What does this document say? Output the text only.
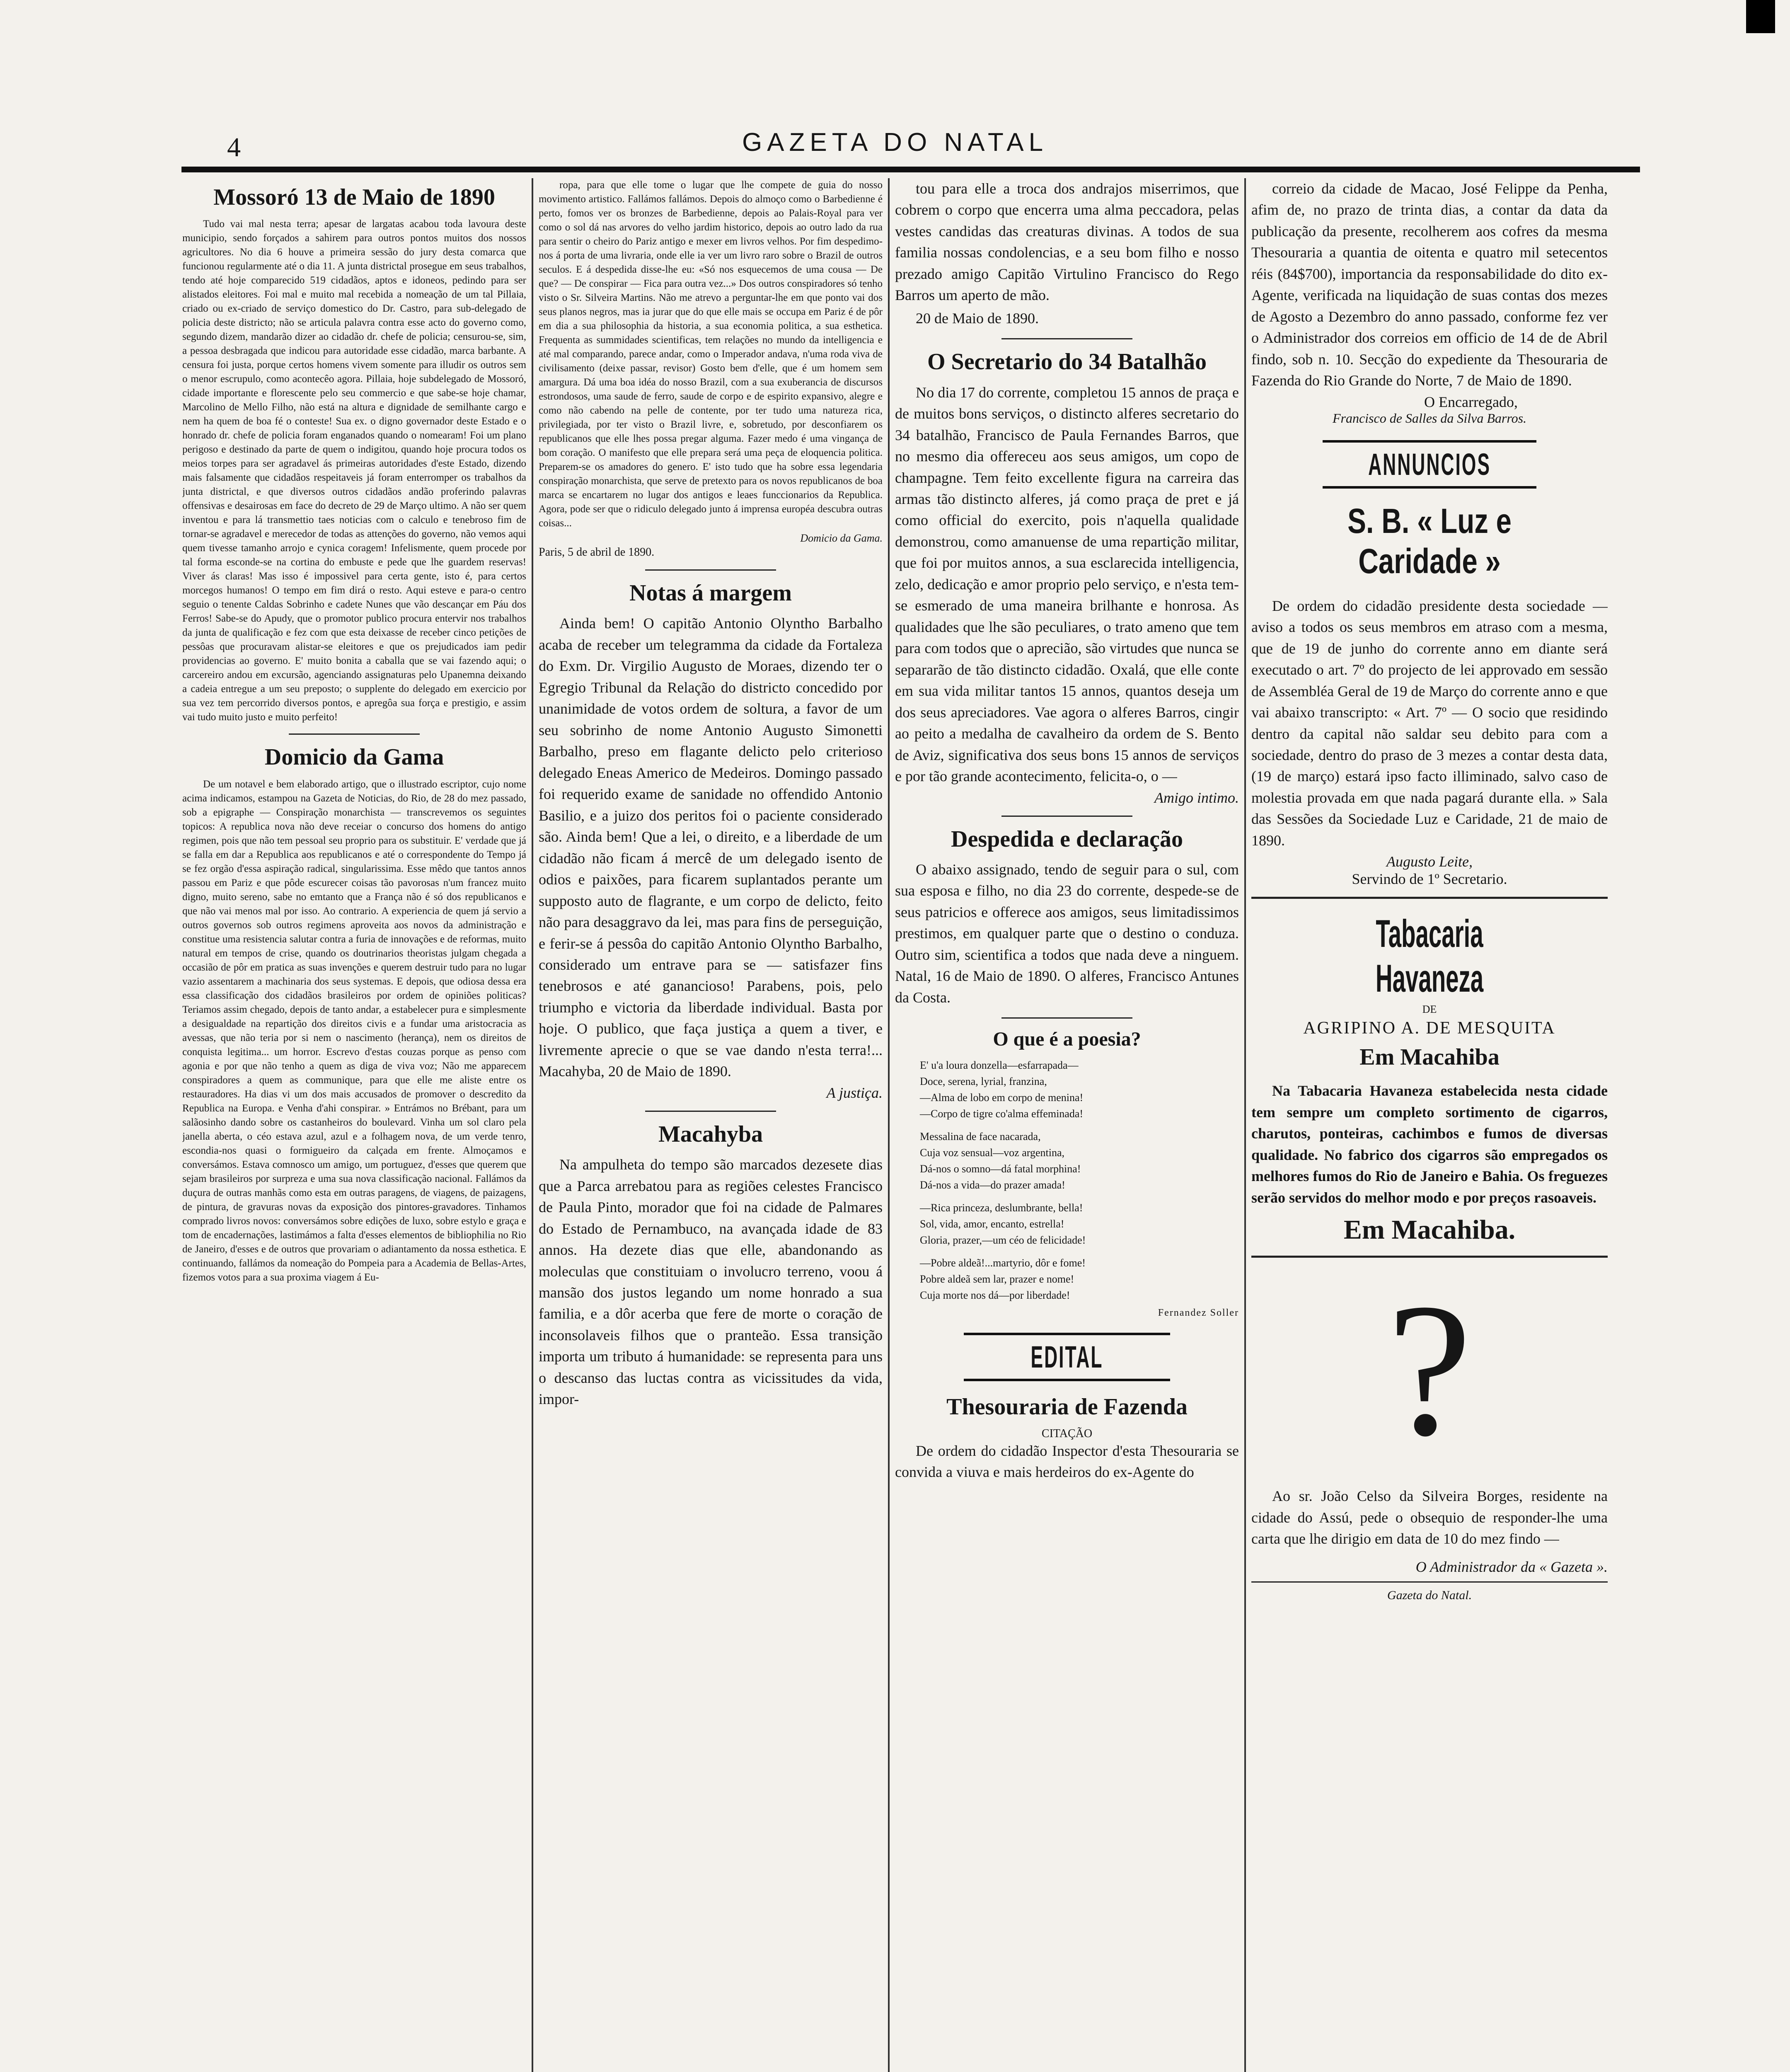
4	GAZETA DO NATAL
Mossoró 13 de Maio de 1890

Tudo vai mal nesta terra; apesar de largatas acabou toda lavoura deste municipio, sendo forçados a sahirem para outros pontos muitos dos nossos agricultores. No dia 6 houve a primeira sessão do jury desta comarca que funcionou regularmente até o dia 11. A junta districtal prosegue em seus trabalhos, tendo até hoje comparecido 519 cidadãos, aptos e idoneos, pedindo para ser alistados eleitores. Foi mal e muito mal recebida a nomeação de um tal Pillaia, criado ou ex-criado de serviço domestico do Dr. Castro, para sub-delegado de policia deste districto; não se articula palavra contra esse acto do governo como, segundo dizem, mandarão dizer ao cidadão dr. chefe de policia; censurou-se, sim, a pessoa desbragada que indicou para autoridade esse cidadão, marca barbante. A censura foi justa, porque certos homens vivem somente para illudir os outros sem o menor escrupulo, como acontecêo agora. Pillaia, hoje subdelegado de Mossoró, cidade importante e florescente pelo seu commercio e que sabe-se hoje chamar, Marcolino de Mello Filho, não está na altura e dignidade de semilhante cargo e nem ha quem de boa fé o conteste! Sua ex. o digno governador deste Estado e o honrado dr. chefe de policia foram enganados quando o nomearam! Foi um plano perigoso e destinado da parte de quem o indigitou, quando hoje procura todos os meios torpes para ser agradavel ás primeiras autoridades d'este Estado, dizendo mais falsamente que cidadãos respeitaveis já foram enterromper os trabalhos da junta districtal, e que diversos outros cidadãos andão proferindo palavras offensivas e desairosas em face do decreto de 29 de Março ultimo. A não ser quem inventou e para lá transmettio taes noticias com o calculo e tenebroso fim de tornar-se agradavel e merecedor de todas as attenções do governo, não vemos aqui quem tivesse tamanho arrojo e cynica coragem! Infelismente, quem procede por tal forma esconde-se na cortina do embuste e pede que lhe guardem reservas! Viver ás claras! Mas isso é impossivel para certa gente, isto é, para certos morcegos humanos! O tempo em fim dirá o resto. Aqui esteve e para-o centro seguio o tenente Caldas Sobrinho e cadete Nunes que vão descançar em Páu dos Ferros! Sabe-se do Apudy, que o promotor publico procura entervir nos trabalhos da junta de qualificação e fez com que esta deixasse de receber cinco petições de pessôas que procuravam alistar-se eleitores e que os prejudicados iam pedir providencias ao governo. E' muito bonita a caballa que se vai fazendo aqui; o carcereiro andou em excursão, agenciando assignaturas pelo Upanemna deixando a cadeia entregue a um seu preposto; o supplente do delegado em exercicio por sua vez tem percorrido diversos pontos, e apregôa sua força e prestigio, e assim vai tudo muito justo e muito perfeito!

Domicio da Gama

De um notavel e bem elaborado artigo, que o illustrado escriptor, cujo nome acima indicamos, estampou na Gazeta de Noticias, do Rio, de 28 do mez passado, sob a epigraphe — Conspiração monarchista — transcrevemos os seguintes topicos: A republica nova não deve receiar o concurso dos homens do antigo regimen, pois que não tem pessoal seu proprio para os substituir. E' verdade que já se falla em dar a Republica aos republicanos e até o correspondente do Tempo já se fez orgão d'essa aspiração radical, singularissima. Esse mêdo que tantos annos passou em Pariz e que pôde escurecer coisas tão pavorosas n'um francez muito digno, muito sereno, sabe no emtanto que a França não é só dos republicanos e que não vai menos mal por isso. Ao contrario. A experiencia de quem já servio a outros governos sob outros regimens aproveita aos novos da administração e constitue uma resistencia salutar contra a furia de innovações e de reformas, muito natural em tempos de crise, quando os doutrinarios theoristas julgam chegada a occasião de pôr em pratica as suas invenções e querem destruir tudo para no lugar vazio assentarem a machinaria dos seus systemas. E depois, que odiosa dessa era essa classificação dos cidadãos brasileiros por ordem de opiniões politicas? Teriamos assim chegado, depois de tanto andar, a estabelecer pura e simplesmente a desigualdade na repartição dos direitos civis e a fundar uma aristocracia as avessas, que não teria por si nem o nascimento (herança), nem os direitos de conquista legitima... um horror. Escrevo d'estas couzas porque as penso com agonia e por que não tenho a quem as diga de viva voz; Não me apparecem conspiradores a quem as communique, para que elle me aliste entre os restauradores. Ha dias vi um dos mais accusados de promover o descredito da Republica na Europa. e Venha d'ahi conspirar. » Entrámos no Brébant, para um salãosinho dando sobre os castanheiros do boulevard. Vinha um sol claro pela janella aberta, o céo estava azul, azul e a folhagem nova, de um verde tenro, escondia-nos quasi o formigueiro da calçada em frente. Almoçamos e conversámos. Estava comnosco um amigo, um portuguez, d'esses que querem que sejam brasileiros por surpreza e uma sua nova classificação nacional. Fallámos da duçura de outras manhãs como esta em outras paragens, de viagens, de paizagens, de pintura, de gravuras novas da exposição dos pintores-gravadores. Tinhamos comprado livros novos: conversámos sobre edições de luxo, sobre estylo e graça e tom de encadernações, lastimámos a falta d'esses elementos de bibliophilia no Rio de Janeiro, d'esses e de outros que provariam o adiantamento da nossa esthetica. E continuando, fallámos da nomeação do Pompeia para a Academia de Bellas-Artes, fizemos votos para a sua proxima viagem á Eu-

ropa, para que elle tome o lugar que lhe compete de guia do nosso movimento artistico. Fallámos fallámos. Depois do almoço como o Barbedienne é perto, fomos ver os bronzes de Barbedienne, depois ao Palais-Royal para ver como o sol dá nas arvores do velho jardim historico, depois ao outro lado da rua para sentir o cheiro do Pariz antigo e mexer em livros velhos. Por fim despedimo-nos á porta de uma livraria, onde elle ia ver um livro raro sobre o Brazil de outros seculos. E á despedida disse-lhe eu: «Só nos esquecemos de uma cousa — De que? — De conspirar — Fica para outra vez...» Dos outros conspiradores só tenho visto o Sr. Silveira Martins. Não me atrevo a perguntar-lhe em que ponto vai dos seus planos negros, mas ia jurar que do que elle mais se occupa em Pariz é de pôr em dia a sua philosophia da historia, a sua economia politica, a sua esthetica. Frequenta as summidades scientificas, tem relações no mundo da intelligencia e até mal comparando, parece andar, como o Imperador andava, n'uma roda viva de civilisamento (deixe passar, revisor) Gosto bem d'elle, que é um homem sem amargura. Dá uma boa idéa do nosso Brazil, com a sua exuberancia de discursos estrondosos, uma saude de ferro, saude de corpo e de espirito expansivo, alegre e como não cabendo na pelle de contente, por ter tudo uma natureza rica, privilegiada, por ter visto o Brazil livre, e, sobretudo, por desconfiarem os republicanos que elle lhes possa pregar alguma. Fazer medo é uma vingança de bom coração. O manifesto que elle prepara será uma peça de eloquencia politica. Preparem-se os amadores do genero. E' isto tudo que ha sobre essa legendaria conspiração monarchista, que serve de pretexto para os novos republicanos de boa marca se encartarem no lugar dos antigos e leaes funccionarios da Republica. Agora, pode ser que o ridiculo delegado junto á imprensa européa descubra outras coisas...

Domicio da Gama.
Paris, 5 de abril de 1890.
Notas á margem

Ainda bem! O capitão Antonio Olyntho Barbalho acaba de receber um telegramma da cidade da Fortaleza do Exm. Dr. Virgilio Augusto de Moraes, dizendo ter o Egregio Tribunal da Relação do districto concedido por unanimidade de votos ordem de soltura, a favor de um seu sobrinho de nome Antonio Augusto Simonetti Barbalho, preso em flagante delicto pelo criterioso delegado Eneas Americo de Medeiros. Domingo passado foi requerido exame de sanidade no offendido Antonio Basilio, e a juizo dos peritos foi o paciente considerado são. Ainda bem! Que a lei, o direito, e a liberdade de um cidadão não ficam á mercê de um delegado isento de odios e paixões, para ficarem suplantados perante um supposto auto de flagrante, e um corpo de delicto, feito não para desaggravo da lei, mas para fins de perseguição, e ferir-se á pessôa do capitão Antonio Olyntho Barbalho, considerado um entrave para se — satisfazer fins tenebrosos e até ganancioso! Parabens, pois, pelo triumpho e victoria da liberdade individual. Basta por hoje. O publico, que faça justiça a quem a tiver, e livremente aprecie o que se vae dando n'esta terra!... Macahyba, 20 de Maio de 1890.

A justiça.
Macahyba

Na ampulheta do tempo são marcados dezesete dias que a Parca arrebatou para as regiões celestes Francisco de Paula Pinto, morador que foi na cidade de Palmares do Estado de Pernambuco, na avançada idade de 83 annos. Ha dezete dias que elle, abandonando as moleculas que constituiam o involucro terreno, voou á mansão dos justos legando um nome honrado a sua familia, e a dôr acerba que fere de morte o coração de inconsolaveis filhos que o pranteão. Essa transição importa um tributo á humanidade: se representa para uns o descanso das luctas contra as vicissitudes da vida, impor-

tou para elle a troca dos andrajos miserrimos, que cobrem o corpo que encerra uma alma peccadora, pelas vestes candidas das creaturas divinas. A todos de sua familia nossas condolencias, e a seu bom filho e nosso prezado amigo Capitão Virtulino Francisco do Rego Barros um aperto de mão.

20 de Maio de 1890.
O Secretario do 34 Batalhão

No dia 17 do corrente, completou 15 annos de praça e de muitos bons serviços, o distincto alferes secretario do 34 batalhão, Francisco de Paula Fernandes Barros, que no mesmo dia offereceu aos seus amigos, um copo de champagne. Tem feito excellente figura na carreira das armas tão distincto alferes, já como praça de pret e já como official do exercito, pois n'aquella qualidade demonstrou, como amanuense de uma repartição militar, que foi por muitos annos, a sua esclarecida intelligencia, zelo, dedicação e amor proprio pelo serviço, e n'esta tem-se esmerado de uma maneira brilhante e honrosa. As qualidades que lhe são peculiares, o trato ameno que tem para com todos que o aprecião, são virtudes que nunca se separarão de tão distincto cidadão. Oxalá, que elle conte em sua vida militar tantos 15 annos, quantos deseja um dos seus apreciadores. Vae agora o alferes Barros, cingir ao peito a medalha de cavalheiro da ordem de S. Bento de Aviz, significativa dos seus bons 15 annos de serviços e por tão grande acontecimento, felicita-o, o —

Amigo intimo.
Despedida e declaração

O abaixo assignado, tendo de seguir para o sul, com sua esposa e filho, no dia 23 do corrente, despede-se de seus patricios e offerece aos amigos, seus limitadissimos prestimos, em qualquer parte que o destino o conduza. Outro sim, scientifica a todos que nada deve a ninguem. Natal, 16 de Maio de 1890. O alferes, Francisco Antunes da Costa.

O que é a poesia?

E' u'a loura donzella—esfarrapada—

Doce, serena, lyrial, franzina,

—Alma de lobo em corpo de menina!

—Corpo de tigre co'alma effeminada!

Messalina de face nacarada,

Cuja voz sensual—voz argentina,

Dá-nos o somno—dá fatal morphina!

Dá-nos a vida—do prazer amada!

—Rica princeza, deslumbrante, bella!

Sol, vida, amor, encanto, estrella!

Gloria, prazer,—um céo de felicidade!

—Pobre aldeã!...martyrio, dôr e fome!

Pobre aldeã sem lar, prazer e nome!

Cuja morte nos dá—por liberdade!

Fernandez Soller
EDITAL
Thesouraria de Fazenda
CITAÇÃO

De ordem do cidadão Inspector d'esta Thesouraria se convida a viuva e mais herdeiros do ex-Agente do

correio da cidade de Macao, José Felippe da Penha, afim de, no prazo de trinta dias, a contar da data da publicação da presente, recolherem aos cofres da mesma Thesouraria a quantia de oitenta e quatro mil setecentos réis (84$700), importancia da responsabilidade do dito ex-Agente, verificada na liquidação de suas contas dos mezes de Agosto a Dezembro do anno passado, conforme fez ver o Administrador dos correios em officio de 14 de de Abril findo, sob n. 10. Secção do expediente da Thesouraria de Fazenda do Rio Grande do Norte, 7 de Maio de 1890.

O Encarregado,
Francisco de Salles da Silva Barros.
ANNUNCIOS
S. B. « Luz e Caridade »

De ordem do cidadão presidente desta sociedade — aviso a todos os seus membros em atraso com a mesma, que de 19 de junho do corrente anno em diante será executado o art. 7º do projecto de lei approvado em sessão de Assembléa Geral de 19 de Março do corrente anno e que vai abaixo transcripto: « Art. 7º — O socio que residindo dentro da capital não saldar seu debito para com a sociedade, dentro do praso de 3 mezes a contar desta data, (19 de março) estará ipso facto illiminado, salvo caso de molestia provada em que nada pagará durante ella. » Sala das Sessões da Sociedade Luz e Caridade, 21 de maio de 1890.

Augusto Leite,
Servindo de 1º Secretario.
Tabacaria Havaneza
DE
AGRIPINO A. DE MESQUITA
Em Macahiba

Na Tabacaria Havaneza estabelecida nesta cidade tem sempre um completo sortimento de cigarros, charutos, ponteiras, cachimbos e fumos de diversas qualidade. No fabrico dos cigarros são empregados os melhores fumos do Rio de Janeiro e Bahia. Os freguezes serão servidos do melhor modo e por preços rasoaveis.

Em Macahiba.
?

Ao sr. João Celso da Silveira Borges, residente na cidade do Assú, pede o obsequio de responder-lhe uma carta que lhe dirigio em data de 10 do mez findo —

O Administrador da « Gazeta ».
Gazeta do Natal.
